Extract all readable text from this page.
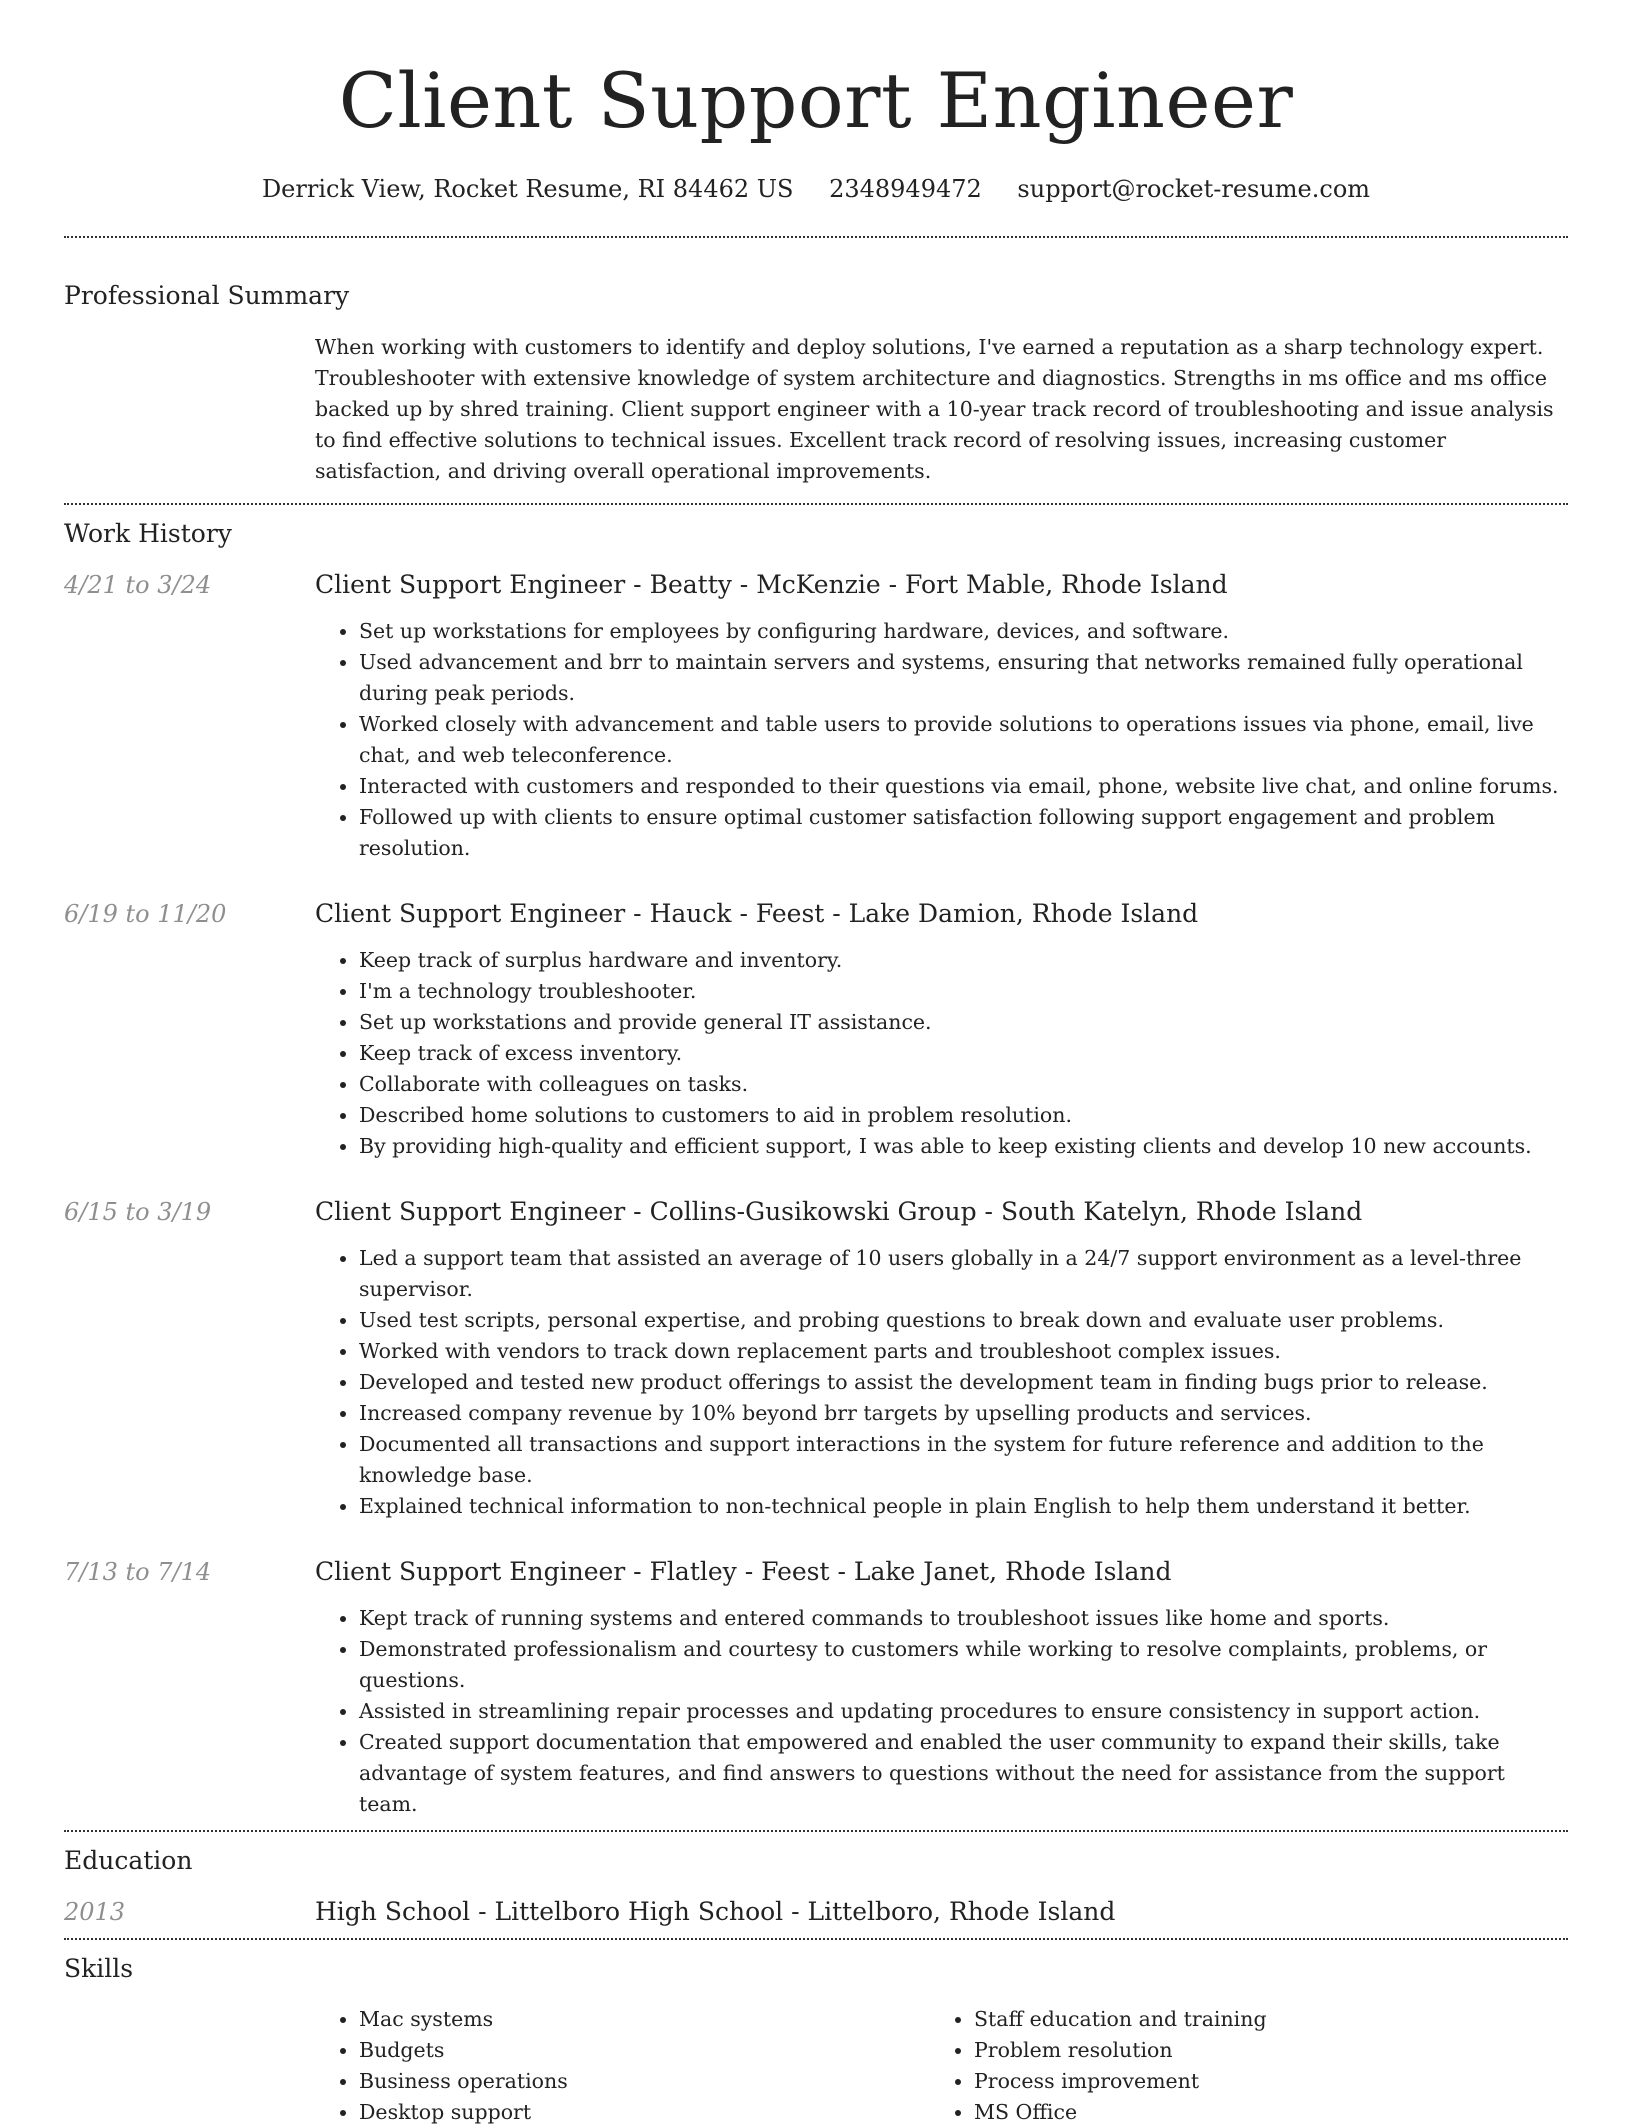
Client Support Engineer
Derrick View, Rocket Resume, RI 84462 US 2348949472 support@rocket-resume.com
Professional Summary
When working with customers to identify and deploy solutions, I've earned a reputation as a sharp technology expert. Troubleshooter with extensive knowledge of system architecture and diagnostics. Strengths in ms office and ms office backed up by shred training. Client support engineer with a 10-year track record of troubleshooting and issue analysis to find effective solutions to technical issues. Excellent track record of resolving issues, increasing customer satisfaction, and driving overall operational improvements.
Work History
4/21 to 3/24	Client Support Engineer - Beatty - McKenzie - Fort Mable, Rhode Island
• Set up workstations for employees by configuring hardware, devices, and software.
• Used advancement and brr to maintain servers and systems, ensuring that networks remained fully operational during peak periods.
• Worked closely with advancement and table users to provide solutions to operations issues via phone, email, live chat, and web teleconference.
• Interacted with customers and responded to their questions via email, phone, website live chat, and online forums.
• Followed up with clients to ensure optimal customer satisfaction following support engagement and problem resolution.
6/19 to 11/20	Client Support Engineer - Hauck - Feest - Lake Damion, Rhode Island
• Keep track of surplus hardware and inventory.
• I'm a technology troubleshooter.
• Set up workstations and provide general IT assistance.
• Keep track of excess inventory.
• Collaborate with colleagues on tasks.
• Described home solutions to customers to aid in problem resolution.
• By providing high-quality and efficient support, I was able to keep existing clients and develop 10 new accounts.
6/15 to 3/19	Client Support Engineer - Collins-Gusikowski Group - South Katelyn, Rhode Island
• Led a support team that assisted an average of 10 users globally in a 24/7 support environment as a level-three supervisor.
• Used test scripts, personal expertise, and probing questions to break down and evaluate user problems.
• Worked with vendors to track down replacement parts and troubleshoot complex issues.
• Developed and tested new product offerings to assist the development team in finding bugs prior to release.
• Increased company revenue by 10% beyond brr targets by upselling products and services.
• Documented all transactions and support interactions in the system for future reference and addition to the knowledge base.
• Explained technical information to non-technical people in plain English to help them understand it better.
7/13 to 7/14	Client Support Engineer - Flatley - Feest - Lake Janet, Rhode Island
• Kept track of running systems and entered commands to troubleshoot issues like home and sports.
• Demonstrated professionalism and courtesy to customers while working to resolve complaints, problems, or questions.
• Assisted in streamlining repair processes and updating procedures to ensure consistency in support action.
• Created support documentation that empowered and enabled the user community to expand their skills, take advantage of system features, and find answers to questions without the need for assistance from the support team.
Education
2013	High School - Littelboro High School - Littelboro, Rhode Island
Skills
• Mac systems
• Budgets
• Business operations
• Desktop support
• Staff education and training
• Problem resolution
• Process improvement
• MS Office
